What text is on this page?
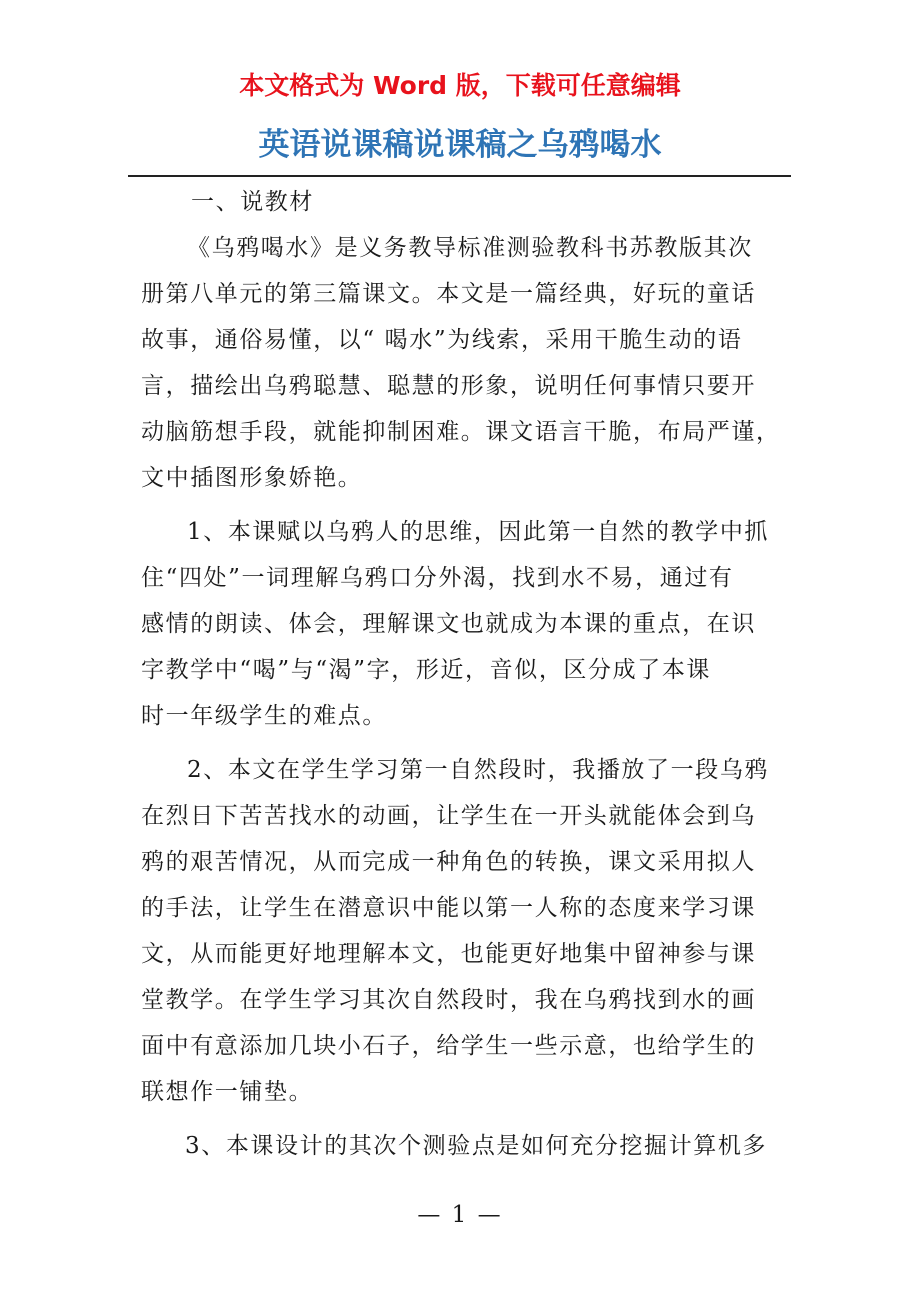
本文格式为 Word 版，下载可任意编辑
英语说课稿说课稿之乌鸦喝水
一、说教材
《乌鸦喝水》是义务教导标准测验教科书苏教版其次
册第八单元的第三篇课文。本文是一篇经典，好玩的童话
故事，通俗易懂，以“ 喝水”为线索，采用干脆生动的语
言，描绘出乌鸦聪慧、聪慧的形象，说明任何事情只要开
动脑筋想手段，就能抑制困难。课文语言干脆，布局严谨，
文中插图形象娇艳。
1、本课赋以乌鸦人的思维，因此第一自然的教学中抓
住“四处”一词理解乌鸦口分外渴，找到水不易，通过有
感情的朗读、体会，理解课文也就成为本课的重点，在识
字教学中“喝”与“渴”字，形近，音似，区分成了本课
时一年级学生的难点。
2、本文在学生学习第一自然段时，我播放了一段乌鸦
在烈日下苦苦找水的动画，让学生在一开头就能体会到乌
鸦的艰苦情况，从而完成一种角色的转换，课文采用拟人
的手法，让学生在潜意识中能以第一人称的态度来学习课
文，从而能更好地理解本文，也能更好地集中留神参与课
堂教学。在学生学习其次自然段时，我在乌鸦找到水的画
面中有意添加几块小石子，给学生一些示意，也给学生的
联想作一铺垫。
3、本课设计的其次个测验点是如何充分挖掘计算机多
— 1 —
